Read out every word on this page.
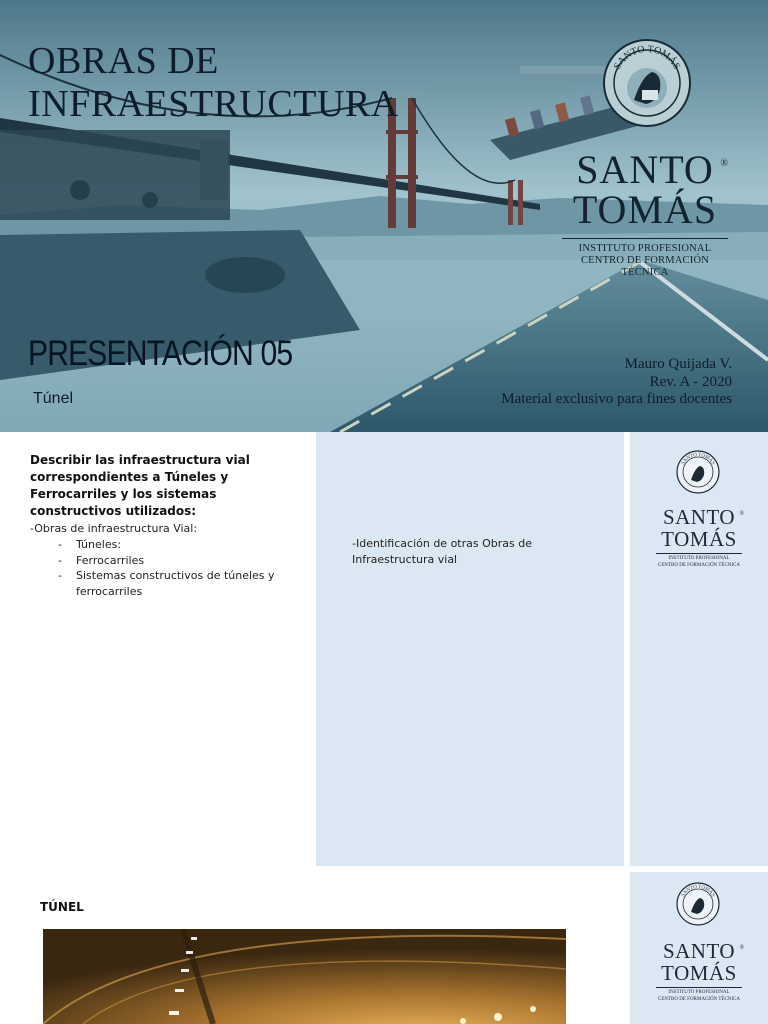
OBRAS DE INFRAESTRUCTURA
SANTO TOMÁS
SANTO ®
TOMÁS
INSTITUTO PROFESIONAL
CENTRO DE FORMACIÓN TÉCNICA
PRESENTACIÓN 05
Túnel
Mauro Quijada V.
Rev. A - 2020
Material exclusivo para fines docentes
Describir las infraestructura vial correspondientes a Túneles y Ferrocarriles y los sistemas constructivos utilizados:
-Obras de infraestructura Vial:
- Túneles:
- Ferrocarriles
- Sistemas constructivos de túneles y ferrocarriles
-Identificación de otras Obras de Infraestructura vial
SANTO TOMÁS
SANTO ®
TOMÁS
INSTITUTO PROFESIONAL
CENTRO DE FORMACIÓN TÉCNICA
TÚNEL
SANTO TOMÁS
SANTO ®
TOMÁS
INSTITUTO PROFESIONAL
CENTRO DE FORMACIÓN TÉCNICA
